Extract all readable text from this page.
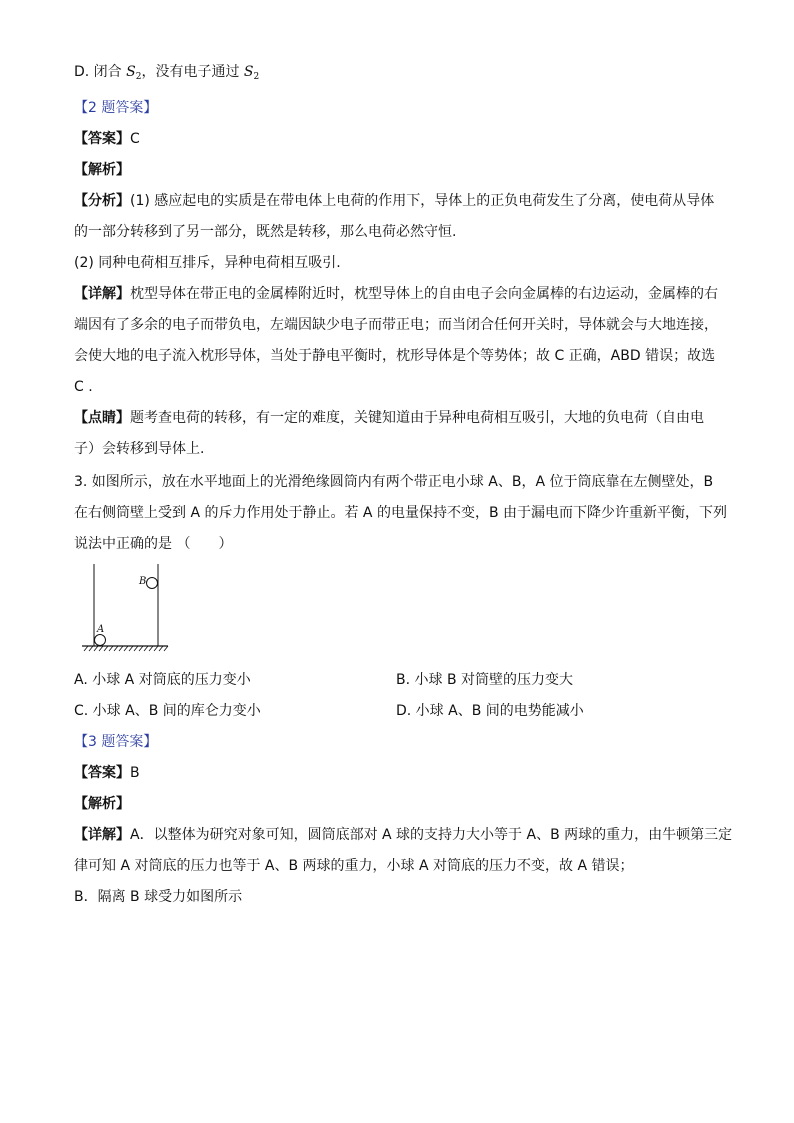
D. 闭合 $S_2$，没有电子通过 $S_2$
【2 题答案】
【答案】C
【解析】
【分析】(1) 感应起电的实质是在带电体上电荷的作用下，导体上的正负电荷发生了分离，使电荷从导体
的一部分转移到了另一部分，既然是转移，那么电荷必然守恒.
(2) 同种电荷相互排斥，异种电荷相互吸引.
【详解】枕型导体在带正电的金属棒附近时，枕型导体上的自由电子会向金属棒的右边运动，金属棒的右
端因有了多余的电子而带负电，左端因缺少电子而带正电；而当闭合任何开关时，导体就会与大地连接，
会使大地的电子流入枕形导体，当处于静电平衡时，枕形导体是个等势体；故 C 正确，ABD 错误；故选
C .
【点睛】题考查电荷的转移，有一定的难度，关键知道由于异种电荷相互吸引，大地的负电荷（自由电
子）会转移到导体上.
3. 如图所示，放在水平地面上的光滑绝缘圆筒内有两个带正电小球 A、B，A 位于筒底靠在左侧壁处，B
在右侧筒壁上受到 A 的斥力作用处于静止。若 A 的电量保持不变，B 由于漏电而下降少许重新平衡，下列
说法中正确的是 （　　）
A
B
A. 小球 A 对筒底的压力变小	B. 小球 B 对筒壁的压力变大
C. 小球 A、B 间的库仑力变小	D. 小球 A、B 间的电势能减小
【3 题答案】
【答案】B
【解析】
【详解】A．以整体为研究对象可知，圆筒底部对 A 球的支持力大小等于 A、B 两球的重力，由牛顿第三定
律可知 A 对筒底的压力也等于 A、B 两球的重力，小球 A 对筒底的压力不变，故 A 错误；
B．隔离 B 球受力如图所示
